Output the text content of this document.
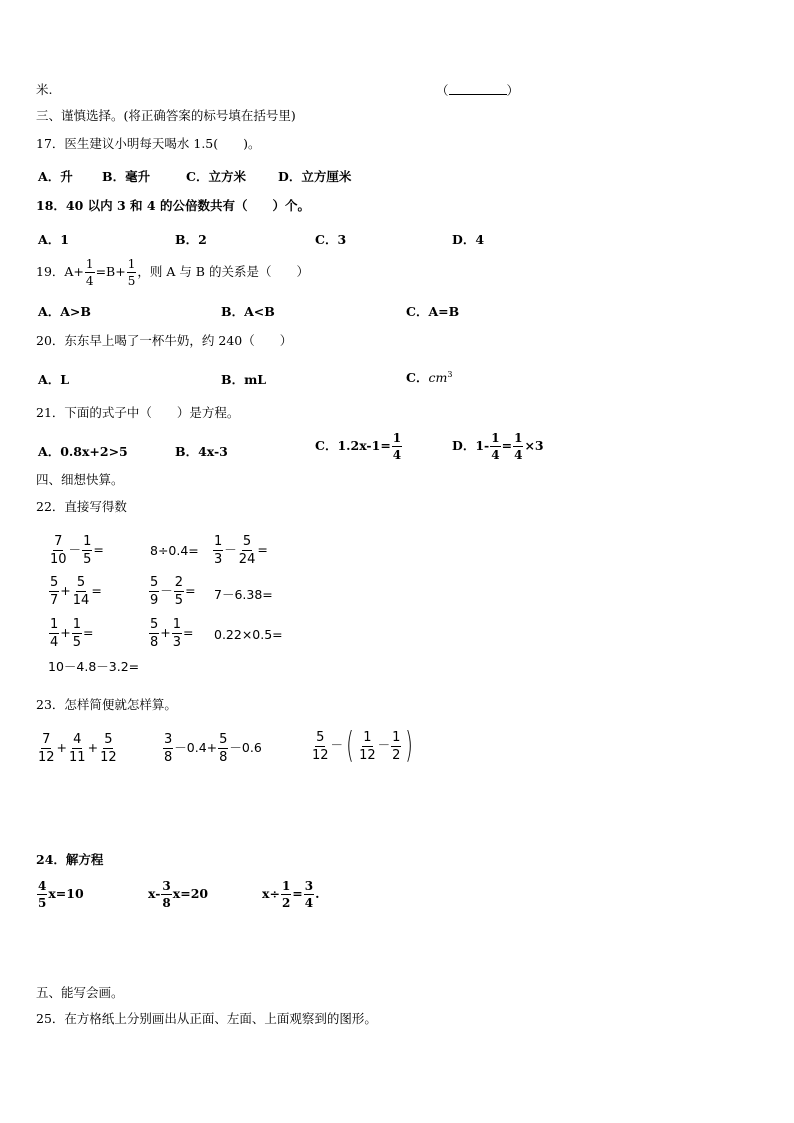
米.	（	）
三、谨慎选择。(将正确答案的标号填在括号里)
17．医生建议小明每天喝水 1.5(　　)。
A．升 B．毫升	C．立方米	D．立方厘米
18．40 以内 3 和 4 的公倍数共有（　　）个。
A．1	B．2	C．3	D．4
19．$A+ \frac{1}{4} =B+ \frac{1}{5}$ ，则 A 与 B 的关系是（　　）
A．A>B	B．A<B	C．A=B
20．东东早上喝了一杯牛奶，约 240（　　）
A．L	B．mL	C．$cm^3$
21．下面的式子中（　　）是方程。
A．0.8x+2>5	B．4x-3	C．$1.2x-1= \frac{1}{4}$	D．$1- \frac{1}{4} = \frac{1}{4} \times 3$
四、细想快算。
22．直接写得数
$\frac{7}{10} - \frac{1}{5}$ =	$8\div 0.4= \frac{1}{3} - \frac{5}{24}$ =
$\frac{5}{7} + \frac{5}{14}$ =	$\frac{5}{9} - \frac{2}{5} = 7-6.38=$
$\frac{1}{4} + \frac{1}{5}$ =	$\frac{5}{8} + \frac{1}{3} = 0.22\times 0.5=$
10－4.8－3.2=
23．怎样简便就怎样算。
$\frac{7}{12} + \frac{4}{11} + \frac{5}{12}$	$\frac{3}{8} -0.4+ \frac{5}{8} -0.6$	$\frac{5}{12}$ －( $\frac{1}{12} - \frac{1}{2}$ )
24．解方程
$\frac{4}{5} x=10$	$x- \frac{3}{8} x=20$	$x\div \frac{1}{2} = \frac{3}{4}$ .
五、能写会画。
25．在方格纸上分别画出从正面、左面、上面观察到的图形。
